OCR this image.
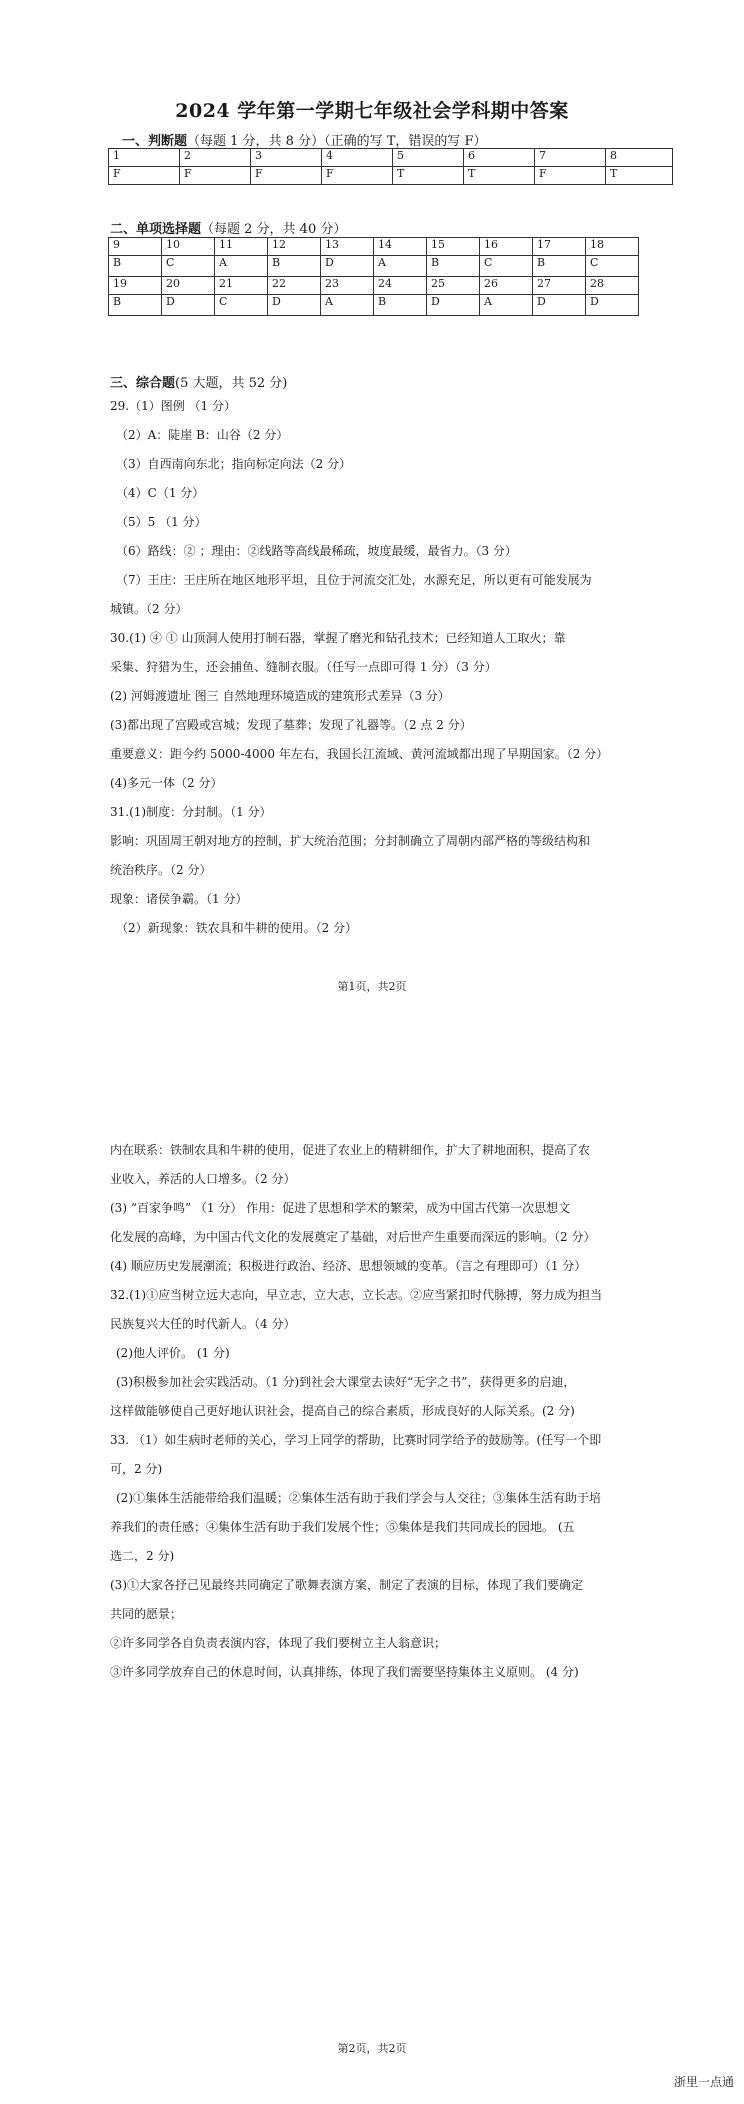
2024 学年第一学期七年级社会学科期中答案
一、判断题（每题 1 分，共 8 分）（正确的写 T，错误的写 F）
1	2	3	4	5	6	7	8
F	F	F	F	T	T	F	T
二、单项选择题（每题 2 分，共 40 分）
9	10	11	12	13	14	15	16	17	18
B	C	A	B	D	A	B	C	B	C
19	20	21	22	23	24	25	26	27	28
B	D	C	D	A	B	D	A	D	D
三、综合题(5 大题，共 52 分)

29.（1）图例 （1 分）

（2）A：陡崖 B：山谷（2 分）

（3）自西南向东北；指向标定向法（2 分）

（4）C（1 分）

（5）5 （1 分）

（6）路线：② ；理由：②线路等高线最稀疏，坡度最缓，最省力。（3 分）

（7）王庄：王庄所在地区地形平坦，且位于河流交汇处，水源充足，所以更有可能发展为

城镇。（2 分）

30.(1) ④ ① 山顶洞人使用打制石器，掌握了磨光和钻孔技术；已经知道人工取火；靠

采集、狩猎为生，还会捕鱼、缝制衣服。（任写一点即可得 1 分）（3 分）

(2) 河姆渡遗址 图三 自然地理环境造成的建筑形式差异（3 分）

(3)都出现了宫殿或宫城；发现了墓葬；发现了礼器等。（2 点 2 分）

重要意义：距今约 5000-4000 年左右，我国长江流域、黄河流域都出现了早期国家。（2 分）

(4)多元一体（2 分）

31.(1)制度：分封制。（1 分）

影响：巩固周王朝对地方的控制，扩大统治范围；分封制确立了周朝内部严格的等级结构和

统治秩序。（2 分）

现象：诸侯争霸。（1 分）

（2）新现象：铁农具和牛耕的使用。（2 分）

第1页，共2页

内在联系：铁制农具和牛耕的使用，促进了农业上的精耕细作，扩大了耕地面积，提高了农

业收入，养活的人口增多。（2 分）

(3) “百家争鸣” （1 分） 作用：促进了思想和学术的繁荣，成为中国古代第一次思想文

化发展的高峰，为中国古代文化的发展奠定了基础，对后世产生重要而深远的影响。（2 分）

(4) 顺应历史发展潮流；积极进行政治、经济、思想领域的变革。（言之有理即可）（1 分）

32.(1)①应当树立远大志向，早立志，立大志，立长志。②应当紧扣时代脉搏，努力成为担当

民族复兴大任的时代新人。（4 分）

(2)他人评价。 (1 分)

(3)积极参加社会实践活动。（1 分)到社会大课堂去读好“无字之书”，获得更多的启迪，

这样做能够使自己更好地认识社会，提高自己的综合素质，形成良好的人际关系。(2 分)

33. （1）如生病时老师的关心，学习上同学的帮助，比赛时同学给予的鼓励等。(任写一个即

可，2 分)

(2)①集体生活能带给我们温暖；②集体生活有助于我们学会与人交往；③集体生活有助于培

养我们的责任感；④集体生活有助于我们发展个性；⑤集体是我们共同成长的园地。 (五

选二，2 分)

(3)①大家各抒己见最终共同确定了歌舞表演方案，制定了表演的目标，体现了我们要确定

共同的愿景；

②许多同学各自负责表演内容，体现了我们要树立主人翁意识；

③许多同学放弃自己的休息时间，认真排练，体现了我们需要坚持集体主义原则。 (4 分)

第2页，共2页
浙里一点通
